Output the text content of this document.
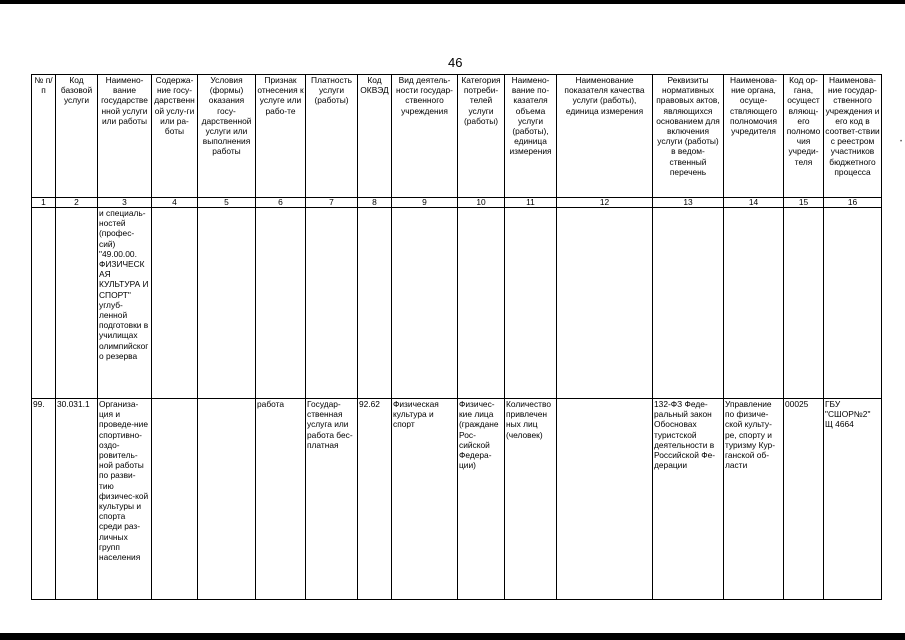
46
•
№ п/п	Код базовой услуги	Наимено-вание государственной услуги или работы	Содержа-ние госу-дарственной услу-ги или ра-боты	Условия (формы) оказания госу-дарственной услуги или выполнения работы	Признак отнесения к услуге или рабо-те	Платность услуги (работы)	Код ОКВЭД	Вид деятель-ности государ-ственного учреждения	Категория потреби-телей услуги (работы)	Наимено-вание по-казателя объема услуги (работы), единица измерения	Наименование показателя качества услуги (работы), единица измерения	Реквизиты нормативных правовых актов, являющихся основанием для включения услуги (работы) в ведом-ственный перечень	Наименова-ние органа, осуще-ствляющего полномочия учредителя	Код ор-гана, осущест вляющ-его полномо чия учреди-теля	Наименова-ние государ-ственного учреждения и его код в соответ-ствии с реестром участников бюджетного процесса
1	2	3	4	5	6	7	8	9	10	11	12	13	14	15	16
		и специаль-ностей (профес-сий) "49.00.00. ФИЗИЧЕСКАЯ КУЛЬТУРА И СПОРТ" углуб-ленной подготовки в училищах олимпийского резерва													
99.	30.031.1	Организа-ция и проведе-ние спортивно-оздо-ровитель-ной работы по разви-тию физичес-кой культуры и спорта среди раз-личных групп населения			работа	Государ-ственная услуга или работа бес-платная	92.62	Физическая культура и спорт	Физичес-кие лица (граждане Рос-сийской Федера-ции)	Количество привлечен ных лиц (человек)		132-ФЗ Феде-ральный закон Обосновах туристской деятельности в Российской Фе-дерации	Управление по физиче-ской культу-ре, спорту и туризму Кур-ганской об-ласти	00025	ГБУ "СШОР№2" Щ 4664
